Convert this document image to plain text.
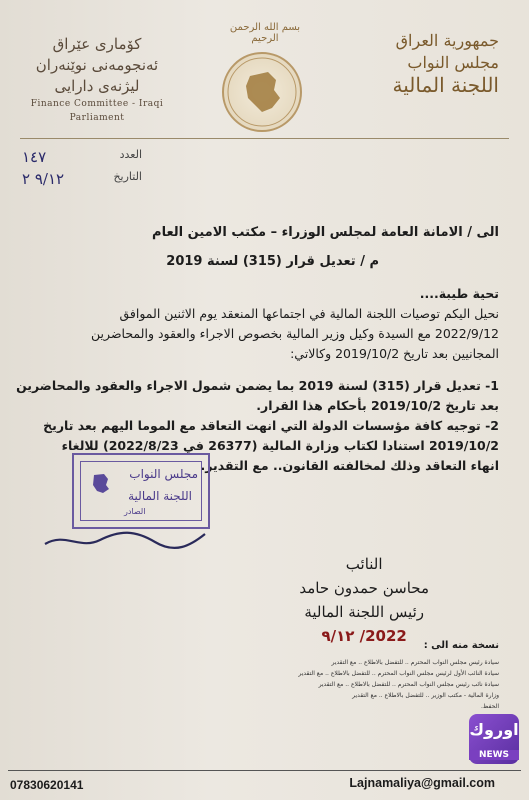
جمهورية العراق
مجلس النواب
اللجنة المالية
بسم الله الرحمن الرحيم
کۆماری عێراق
ئەنجومەنی نوێنەران
لیژنەی دارایی
Finance Committee - Iraqi
Parliament
١٤٧	العدد
٩/١٢ ٢	التاريخ
الى / الامانة العامة لمجلس الوزراء – مكتب الامين العام
م / تعديل قرار (315) لسنة 2019
تحية طيبة....
نحيل اليكم توصيات اللجنة المالية في اجتماعها المنعقد يوم الاثنين الموافق
2022/9/12 مع السيدة وكيل وزير المالية بخصوص الاجراء والعقود والمحاضرين
المجانيين بعد تاريخ 2019/10/2 وكالاتي:
1- تعديل قرار (315) لسنة 2019 بما يضمن شمول الاجراء والعقود والمحاضرين
بعد تاريخ 2019/10/2 بأحكام هذا القرار.
2- توجيه كافة مؤسسات الدولة التي انهت التعاقد مع الموما اليهم بعد تاريخ
2019/10/2 استنادا لكتاب وزارة المالية (26377 في 2022/8/23) للالغاء
انهاء التعاقد وذلك لمخالفته القانون.. مع التقدير.
مجلس النواب
اللجنة المالية
الصادر
النائب
محاسن حمدون حامد
رئيس اللجنة المالية
2022/ ٩/١٢
نسخة منه الى :
سيادة رئيس مجلس النواب المحترم .. للتفضل بالاطلاع .. مع التقدير
سيادة النائب الأول لرئيس مجلس النواب المحترم .. للتفضل بالاطلاع .. مع التقدير
سيادة نائب رئيس مجلس النواب المحترم .. للتفضل بالاطلاع .. مع التقدير
وزارة المالية - مكتب الوزير .. للتفضل بالاطلاع .. مع التقدير
الحفظ.
اوروك
NEWS
07830620141	Lajnamaliya@gmail.com
